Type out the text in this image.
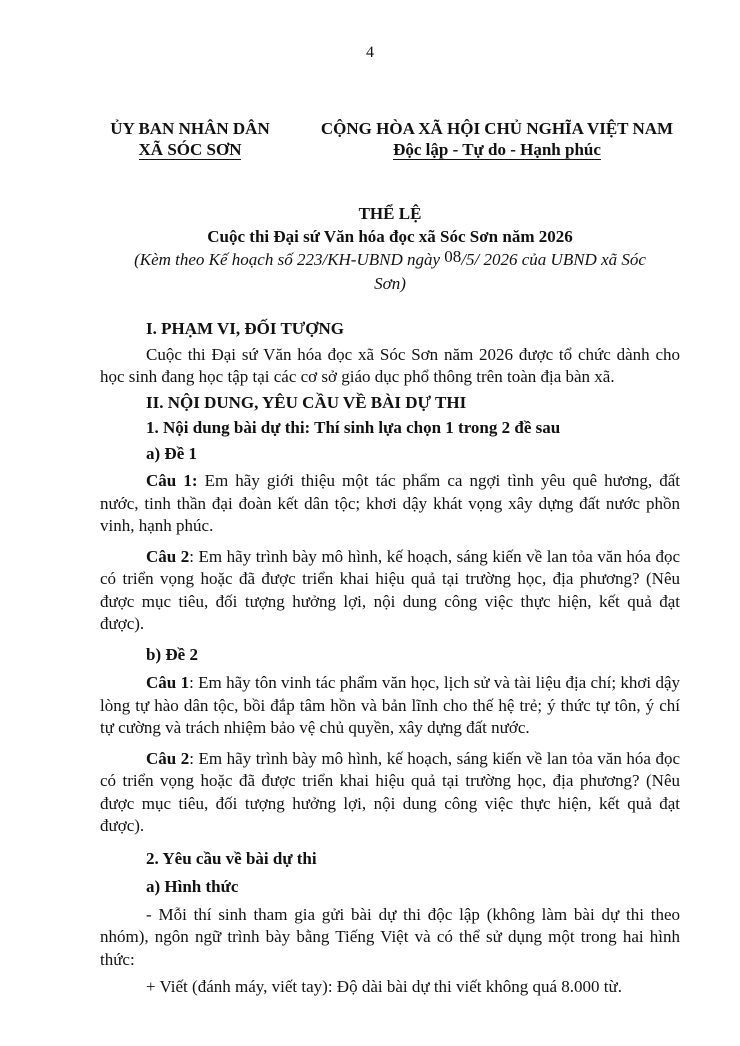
4
ỦY BAN NHÂN DÂN
XÃ SÓC SƠN
CỘNG HÒA XÃ HỘI CHỦ NGHĨA VIỆT NAM
Độc lập - Tự do - Hạnh phúc
THỂ LỆ
Cuộc thi Đại sứ Văn hóa đọc xã Sóc Sơn năm 2026
(Kèm theo Kế hoạch số 223/KH-UBND ngày 08/5/ 2026 của UBND xã Sóc
Sơn)

I. PHẠM VI, ĐỐI TƯỢNG

Cuộc thi Đại sứ Văn hóa đọc xã Sóc Sơn năm 2026 được tổ chức dành cho học sinh đang học tập tại các cơ sở giáo dục phổ thông trên toàn địa bàn xã.

II. NỘI DUNG, YÊU CẦU VỀ BÀI DỰ THI

1. Nội dung bài dự thi: Thí sinh lựa chọn 1 trong 2 đề sau

a) Đề 1

Câu 1: Em hãy giới thiệu một tác phẩm ca ngợi tình yêu quê hương, đất nước, tinh thần đại đoàn kết dân tộc; khơi dậy khát vọng xây dựng đất nước phồn vinh, hạnh phúc.

Câu 2: Em hãy trình bày mô hình, kế hoạch, sáng kiến về lan tỏa văn hóa đọc có triển vọng hoặc đã được triển khai hiệu quả tại trường học, địa phương? (Nêu được mục tiêu, đối tượng hưởng lợi, nội dung công việc thực hiện, kết quả đạt được).

b) Đề 2

Câu 1: Em hãy tôn vinh tác phẩm văn học, lịch sử và tài liệu địa chí; khơi dậy lòng tự hào dân tộc, bồi đắp tâm hồn và bản lĩnh cho thế hệ trẻ; ý thức tự tôn, ý chí tự cường và trách nhiệm bảo vệ chủ quyền, xây dựng đất nước.

Câu 2: Em hãy trình bày mô hình, kế hoạch, sáng kiến về lan tỏa văn hóa đọc có triển vọng hoặc đã được triển khai hiệu quả tại trường học, địa phương? (Nêu được mục tiêu, đối tượng hưởng lợi, nội dung công việc thực hiện, kết quả đạt được).

2. Yêu cầu về bài dự thi

a) Hình thức

- Mỗi thí sinh tham gia gửi bài dự thi độc lập (không làm bài dự thi theo nhóm), ngôn ngữ trình bày bằng Tiếng Việt và có thể sử dụng một trong hai hình thức:

+ Viết (đánh máy, viết tay): Độ dài bài dự thi viết không quá 8.000 từ.
